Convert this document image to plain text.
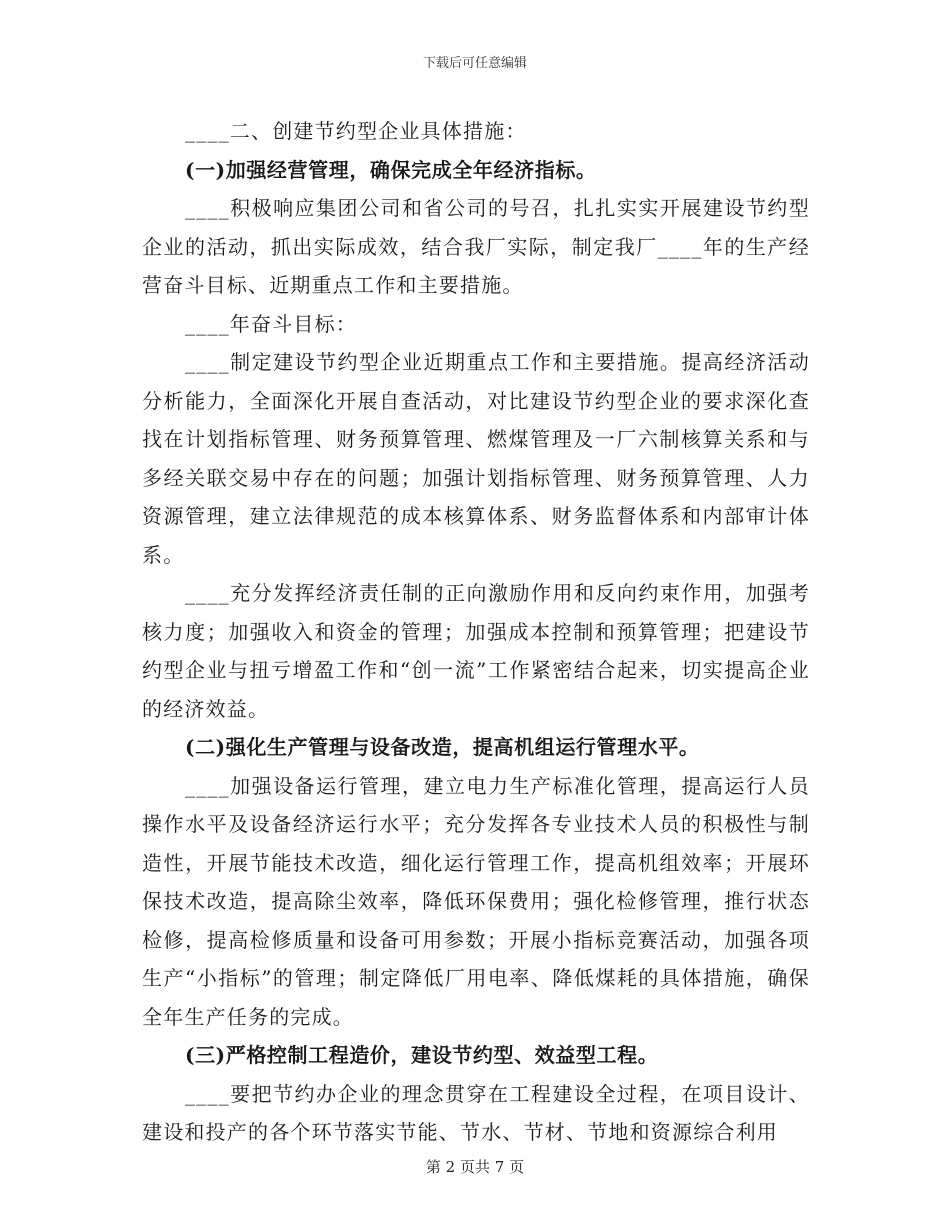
下载后可任意编辑

____二、创建节约型企业具体措施：

(一)加强经营管理，确保完成全年经济指标。

____积极响应集团公司和省公司的号召，扎扎实实开展建设节约型企业的活动，抓出实际成效，结合我厂实际，制定我厂____年的生产经营奋斗目标、近期重点工作和主要措施。

____年奋斗目标：

____制定建设节约型企业近期重点工作和主要措施。提高经济活动分析能力，全面深化开展自查活动，对比建设节约型企业的要求深化查找在计划指标管理、财务预算管理、燃煤管理及一厂六制核算关系和与多经关联交易中存在的问题；加强计划指标管理、财务预算管理、人力资源管理，建立法律规范的成本核算体系、财务监督体系和内部审计体系。

____充分发挥经济责任制的正向激励作用和反向约束作用，加强考核力度；加强收入和资金的管理；加强成本控制和预算管理；把建设节约型企业与扭亏增盈工作和“创一流”工作紧密结合起来，切实提高企业的经济效益。

(二)强化生产管理与设备改造，提高机组运行管理水平。

____加强设备运行管理，建立电力生产标准化管理，提高运行人员操作水平及设备经济运行水平；充分发挥各专业技术人员的积极性与制造性，开展节能技术改造，细化运行管理工作，提高机组效率；开展环保技术改造，提高除尘效率，降低环保费用；强化检修管理，推行状态检修，提高检修质量和设备可用参数；开展小指标竞赛活动，加强各项生产“小指标”的管理；制定降低厂用电率、降低煤耗的具体措施，确保全年生产任务的完成。

(三)严格控制工程造价，建设节约型、效益型工程。

____要把节约办企业的理念贯穿在工程建设全过程，在项目设计、建设和投产的各个环节落实节能、节水、节材、节地和资源综合利用

第 2 页共 7 页
